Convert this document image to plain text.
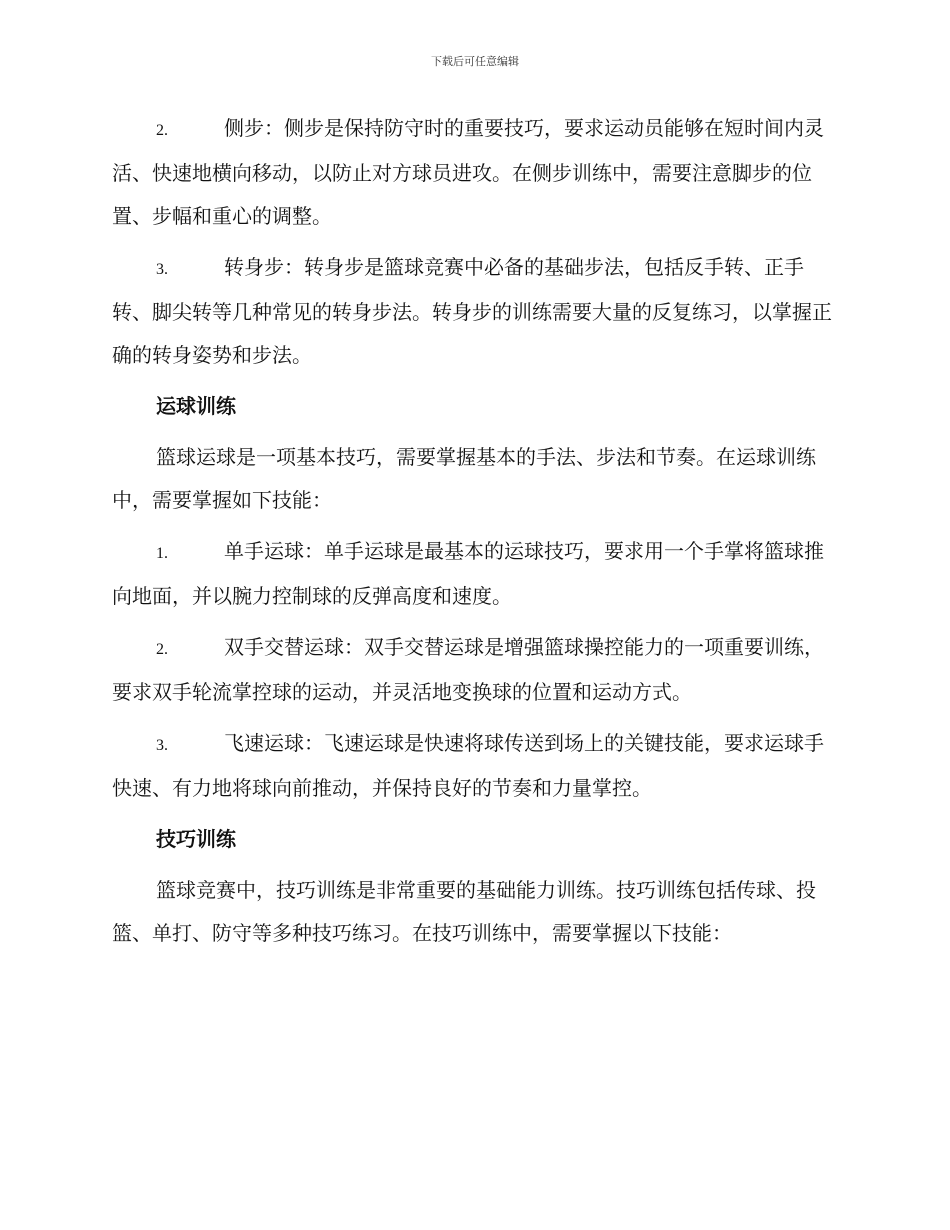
下载后可任意编辑

2.	侧步：侧步是保持防守时的重要技巧，要求运动员能够在短时间内灵活、快速地横向移动，以防止对方球员进攻。在侧步训练中，需要注意脚步的位置、步幅和重心的调整。

3.	转身步：转身步是篮球竞赛中必备的基础步法，包括反手转、正手转、脚尖转等几种常见的转身步法。转身步的训练需要大量的反复练习，以掌握正确的转身姿势和步法。

运球训练

篮球运球是一项基本技巧，需要掌握基本的手法、步法和节奏。在运球训练中，需要掌握如下技能：

1.	单手运球：单手运球是最基本的运球技巧，要求用一个手掌将篮球推向地面，并以腕力控制球的反弹高度和速度。

2.	双手交替运球：双手交替运球是增强篮球操控能力的一项重要训练，要求双手轮流掌控球的运动，并灵活地变换球的位置和运动方式。

3.	飞速运球：飞速运球是快速将球传送到场上的关键技能，要求运球手快速、有力地将球向前推动，并保持良好的节奏和力量掌控。

技巧训练

篮球竞赛中，技巧训练是非常重要的基础能力训练。技巧训练包括传球、投篮、单打、防守等多种技巧练习。在技巧训练中，需要掌握以下技能：
